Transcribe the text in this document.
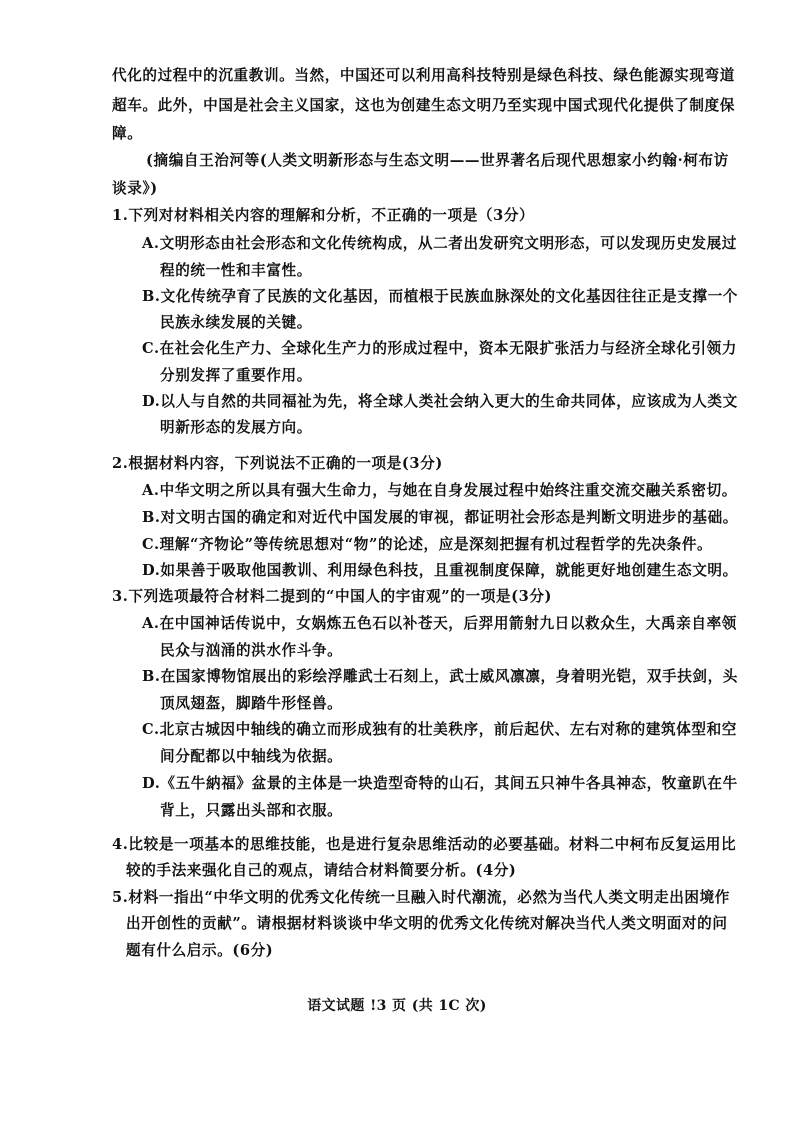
代化的过程中的沉重教训。当然，中国还可以利用高科技特别是绿色科技、绿色能源实现弯道
超车。此外，中国是社会主义国家，这也为创建生态文明乃至实现中国式现代化提供了制度保
障。
(摘编自王治河等(人类文明新形态与生态文明——世界著名后现代思想家小约翰·柯布访
谈录》)
1.下列对材料相关内容的理解和分析，不正确的一项是（3分）
A.文明形态由社会形态和文化传统构成，从二者出发研究文明形态，可以发现历史发展过
程的统一性和丰富性。
B.文化传统孕育了民族的文化基因，而植根于民族血脉深处的文化基因往往正是支撑一个
民族永续发展的关键。
C.在社会化生产力、全球化生产力的形成过程中，资本无限扩张活力与经济全球化引领力
分别发挥了重要作用。
D.以人与自然的共同福祉为先，将全球人类社会纳入更大的生命共同体，应该成为人类文
明新形态的发展方向。
2.根据材料内容，下列说法不正确的一项是(3分)
A.中华文明之所以具有强大生命力，与她在自身发展过程中始终注重交流交融关系密切。
B.对文明古国的确定和对近代中国发展的审视，都证明社会形态是判断文明进步的基础。
C.理解“齐物论”等传统思想对“物”的论述，应是深刻把握有机过程哲学的先决条件。
D.如果善于吸取他国教训、利用绿色科技，且重视制度保障，就能更好地创建生态文明。
3.下列选项最符合材料二提到的“中国人的宇宙观”的一项是(3分)
A.在中国神话传说中，女娲炼五色石以补苍天，后羿用箭射九日以救众生，大禹亲自率领
民众与汹涌的洪水作斗争。
B.在国家博物馆展出的彩绘浮雕武士石刻上，武士威风凛凛，身着明光铠，双手扶剑，头
顶凤翅盔，脚踏牛形怪兽。
C.北京古城因中轴线的确立而形成独有的壮美秩序，前后起伏、左右对称的建筑体型和空
间分配都以中轴线为依据。
D.《五牛納福》盆景的主体是一块造型奇特的山石，其间五只神牛各具神态，牧童趴在牛
背上，只露出头部和衣服。
4.比较是一项基本的思维技能，也是进行复杂思维活动的必要基础。材料二中柯布反复运用比
较的手法来强化自己的观点，请结合材料简要分析。(4分)
5.材料一指出“中华文明的优秀文化传统一旦融入时代潮流，必然为当代人类文明走出困境作
出开创性的贡献”。请根据材料谈谈中华文明的优秀文化传统对解决当代人类文明面对的问
题有什么启示。(6分)
语文试题 !3 页 (共 1C 次)
